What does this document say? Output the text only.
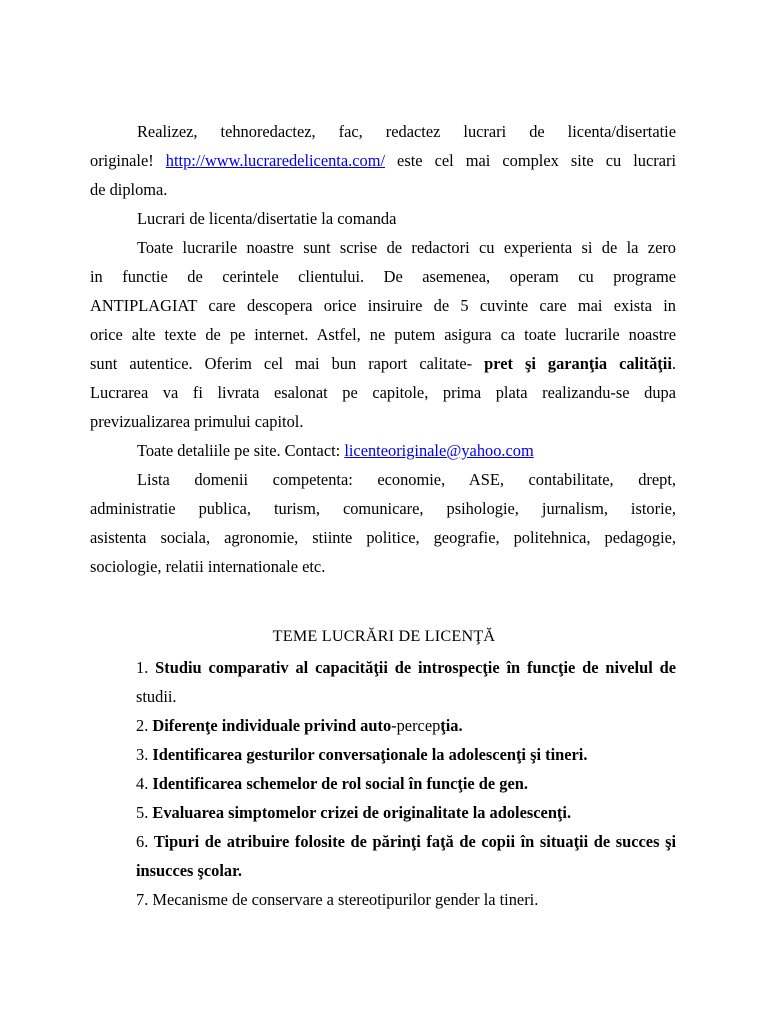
Realizez, tehnoredactez, fac, redactez lucrari de licenta/disertatie
originale! http://www.lucraredelicenta.com/ este cel mai complex site cu lucrari
de diploma.
Lucrari de licenta/disertatie la comanda
Toate lucrarile noastre sunt scrise de redactori cu experienta si de la zero
in functie de cerintele clientului. De asemenea, operam cu programe
ANTIPLAGIAT care descopera orice insiruire de 5 cuvinte care mai exista in
orice alte texte de pe internet. Astfel, ne putem asigura ca toate lucrarile noastre
sunt autentice. Oferim cel mai bun raport calitate- pret şi garanţia calităţii.
Lucrarea va fi livrata esalonat pe capitole, prima plata realizandu-se dupa
previzualizarea primului capitol.
Toate detaliile pe site. Contact: licenteoriginale@yahoo.com
Lista domenii competenta: economie, ASE, contabilitate, drept,
administratie publica, turism, comunicare, psihologie, jurnalism, istorie,
asistenta sociala, agronomie, stiinte politice, geografie, politehnica, pedagogie,
sociologie, relatii internationale etc.
TEME LUCRĂRI DE LICENŢĂ
1. Studiu comparativ al capacităţii de introspecţie în funcţie de nivelul de
studii.
2. Diferenţe individuale privind auto-percepţia.
3. Identificarea gesturilor conversaţionale la adolescenţi şi tineri.
4. Identificarea schemelor de rol social în funcţie de gen.
5. Evaluarea simptomelor crizei de originalitate la adolescenţi.
6. Tipuri de atribuire folosite de părinţi faţă de copii în situaţii de succes şi
insucces şcolar.
7. Mecanisme de conservare a stereotipurilor gender la tineri.
